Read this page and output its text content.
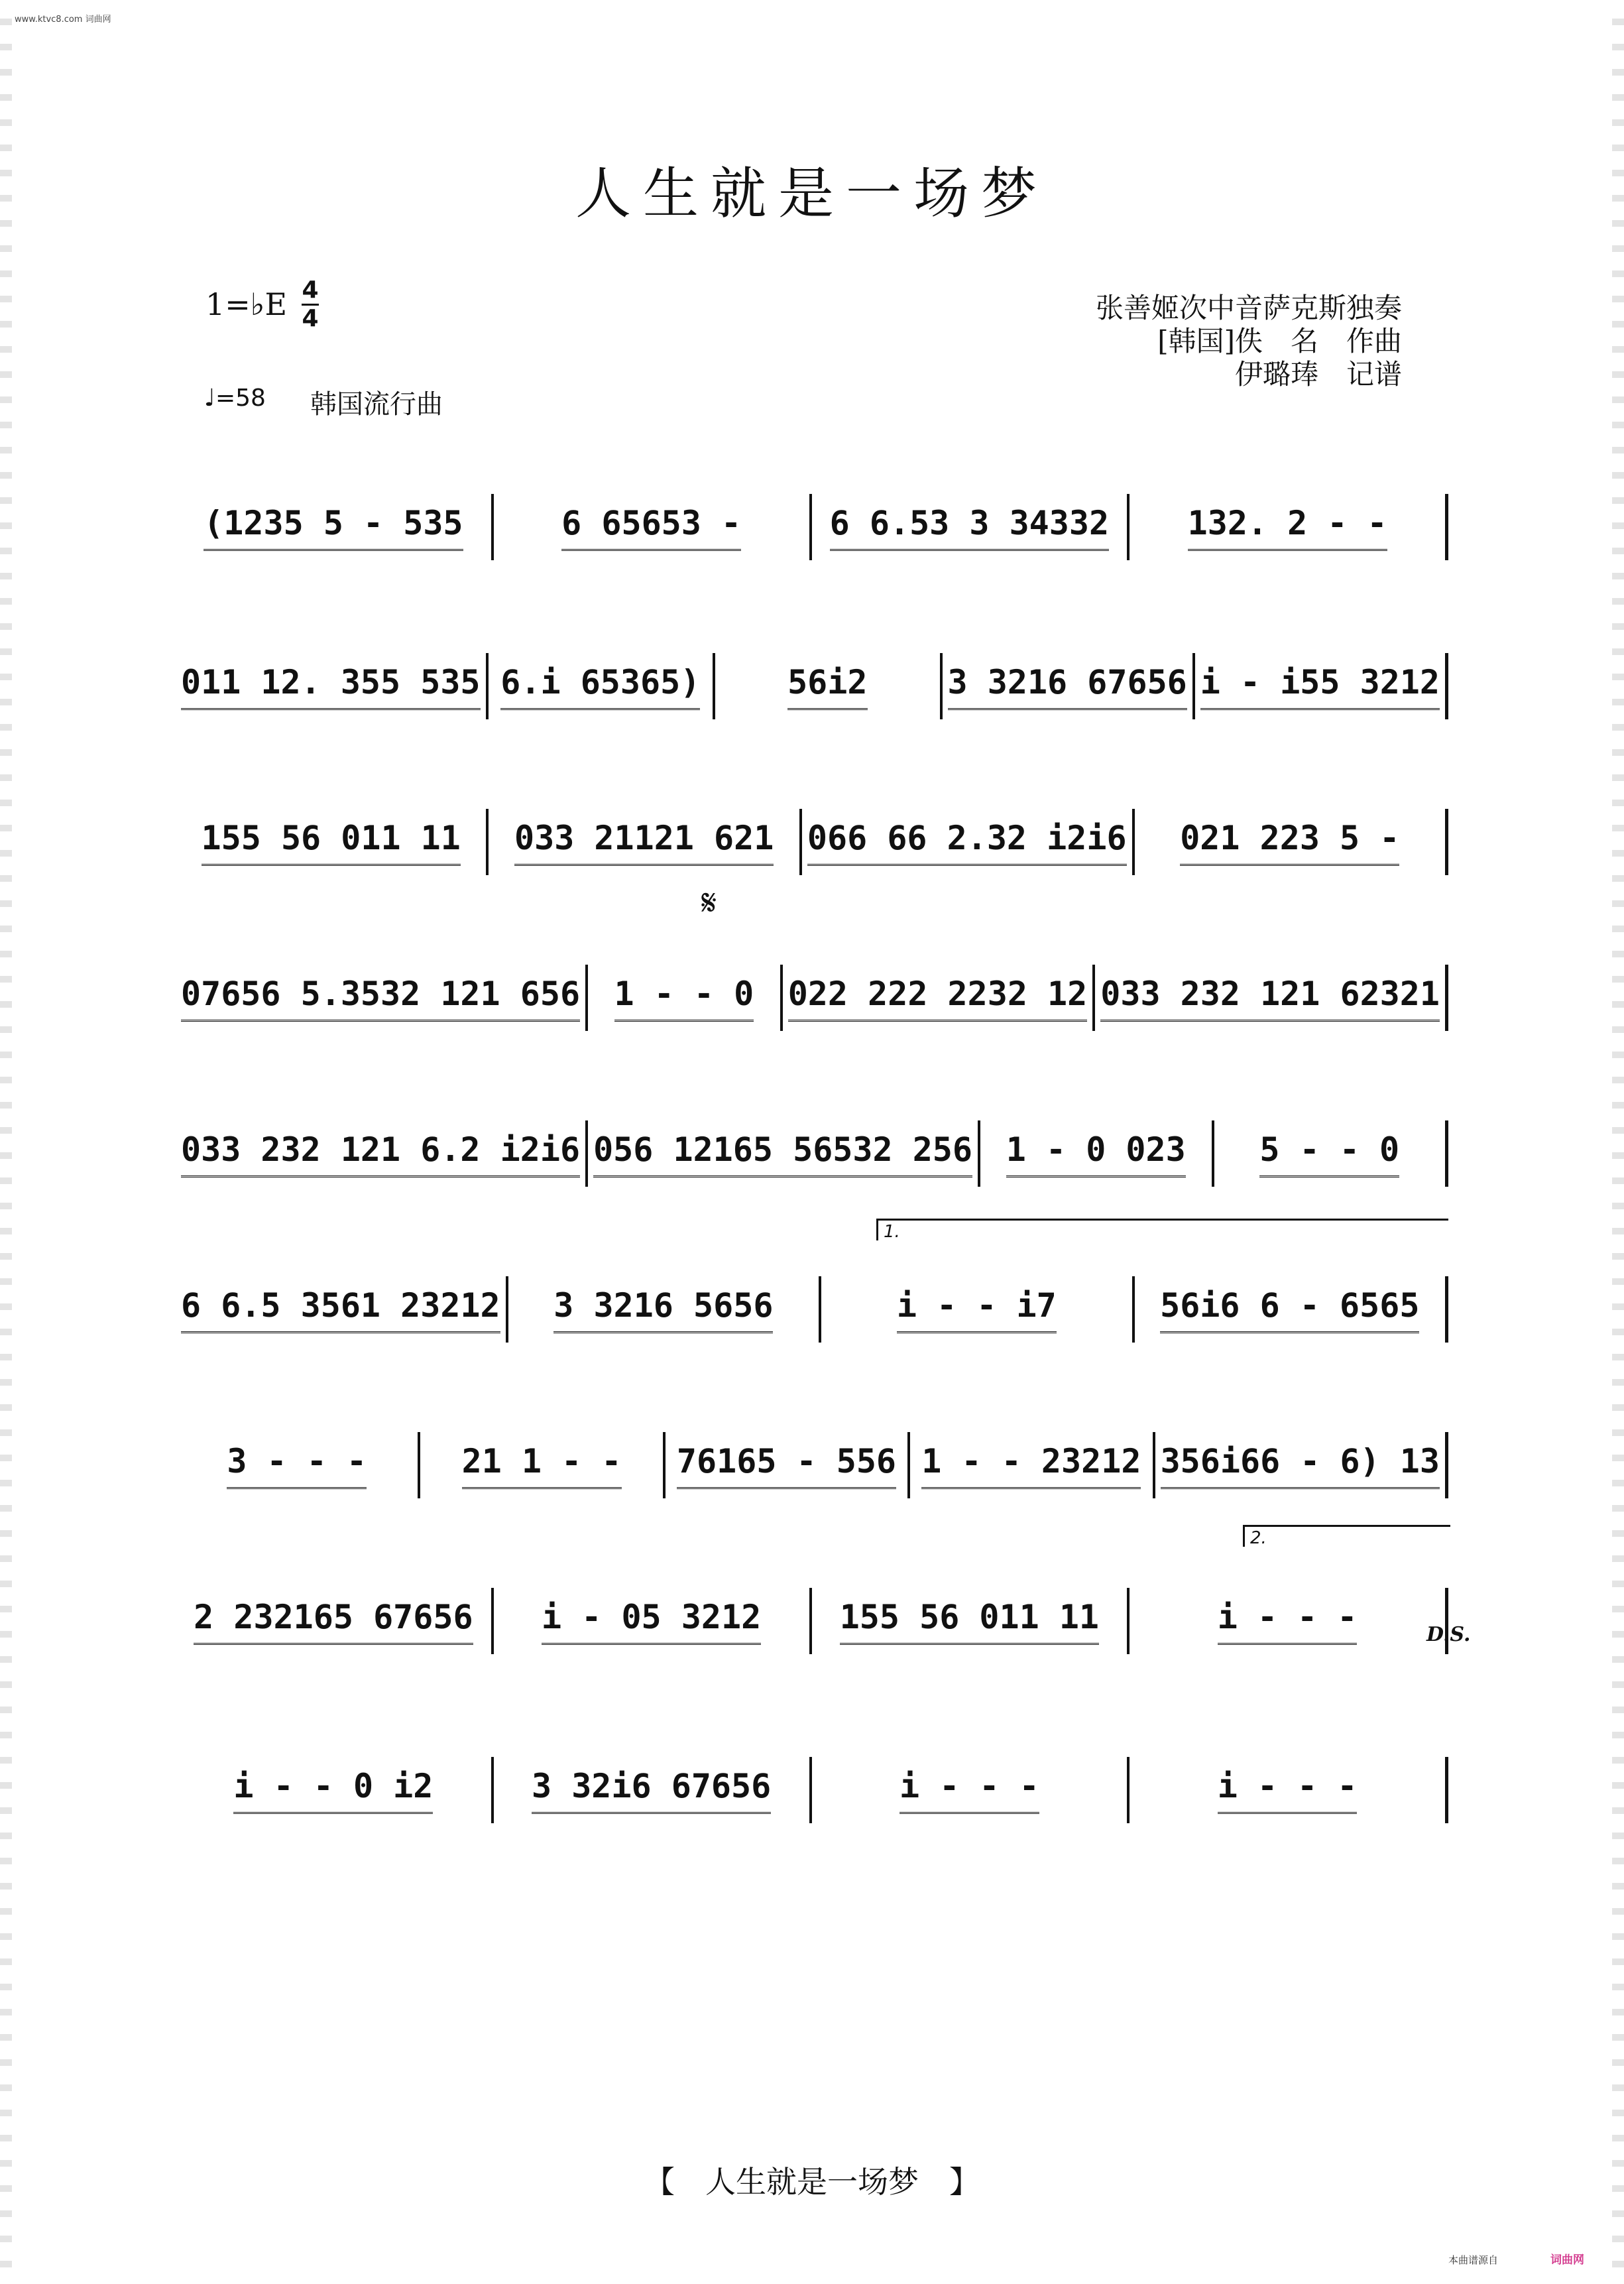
www.ktvc8.com 词曲网
人生就是一场梦
1=♭E 4
4
♩=58 韩国流行曲
张善姬次中音萨克斯独奏
[韩国]佚　名　作曲
伊璐琫　记谱
𝄋
1.
2.
(1235 5 - 535	6 65653 -	6 6.53 3 34332 132. 2 - -
011 12. 355 535 6.i 65365)	56i2 3 3216 67656 i - i55 3212
155 56 011 11 033 21121 621 066 66 2.32 i2i6 021 223 5 -
07656 5.3532 121 656 1 - - 0 022 222 2232 12 033 232 121 62321
033 232 121 6.2 i2i6 056 12165 56532 256 1 - 0 023 5 - - 0
6 6.5 3561 23212 3 3216 5656	i - - i7	56i6 6 - 6565
3 - - -	21 1 - - 76165 - 556 1 - - 23212 356i66 - 6) 13
2 232165 67656 i - 05 3212 155 56 011 11	i - - -
i - - 0 i2	3 32i6 67656	i - - -	i - - -
D.S.
【　人生就是一场梦　】
本曲谱源自	词曲网
